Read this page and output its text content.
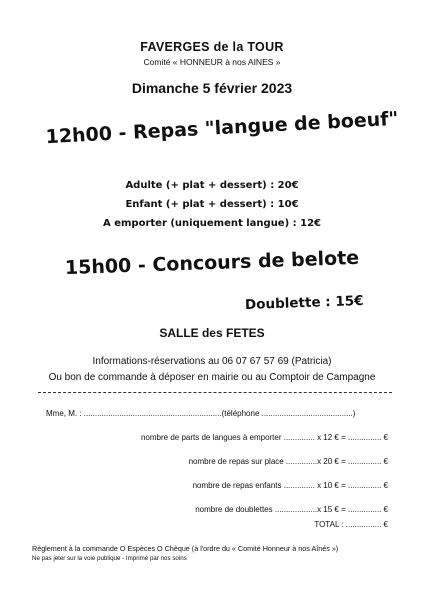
FAVERGES de la TOUR
Comité « HONNEUR à nos AINES »
Dimanche 5 février 2023
12h00 - Repas "langue de boeuf"
Adulte (+ plat + dessert) : 20€
Enfant (+ plat + dessert) : 10€
A emporter (uniquement langue) : 12€
15h00 - Concours de belote
Doublette : 15€
SALLE des FETES
Informations-réservations au 06 07 67 57 69 (Patricia)
Ou bon de commande à déposer en mairie ou au Comptoir de Campagne
Mme, M. : ..............................................................(téléphone .........................................)
nombre de parts de langues à emporter .............. x 12 € = ............... €
nombre de repas sur place ..............x 20 € = ............... €
nombre de repas enfants .............. x 10 € = ............... €
nombre de doublettes ...................x 15 € = ............... €
TOTAL : ................ €
Règlement à la commande O Espèces O Chèque (à l'ordre du « Comité Honneur à nos Aînés »)
Ne pas jeter sur la voie publique - Imprimé par nos soins
